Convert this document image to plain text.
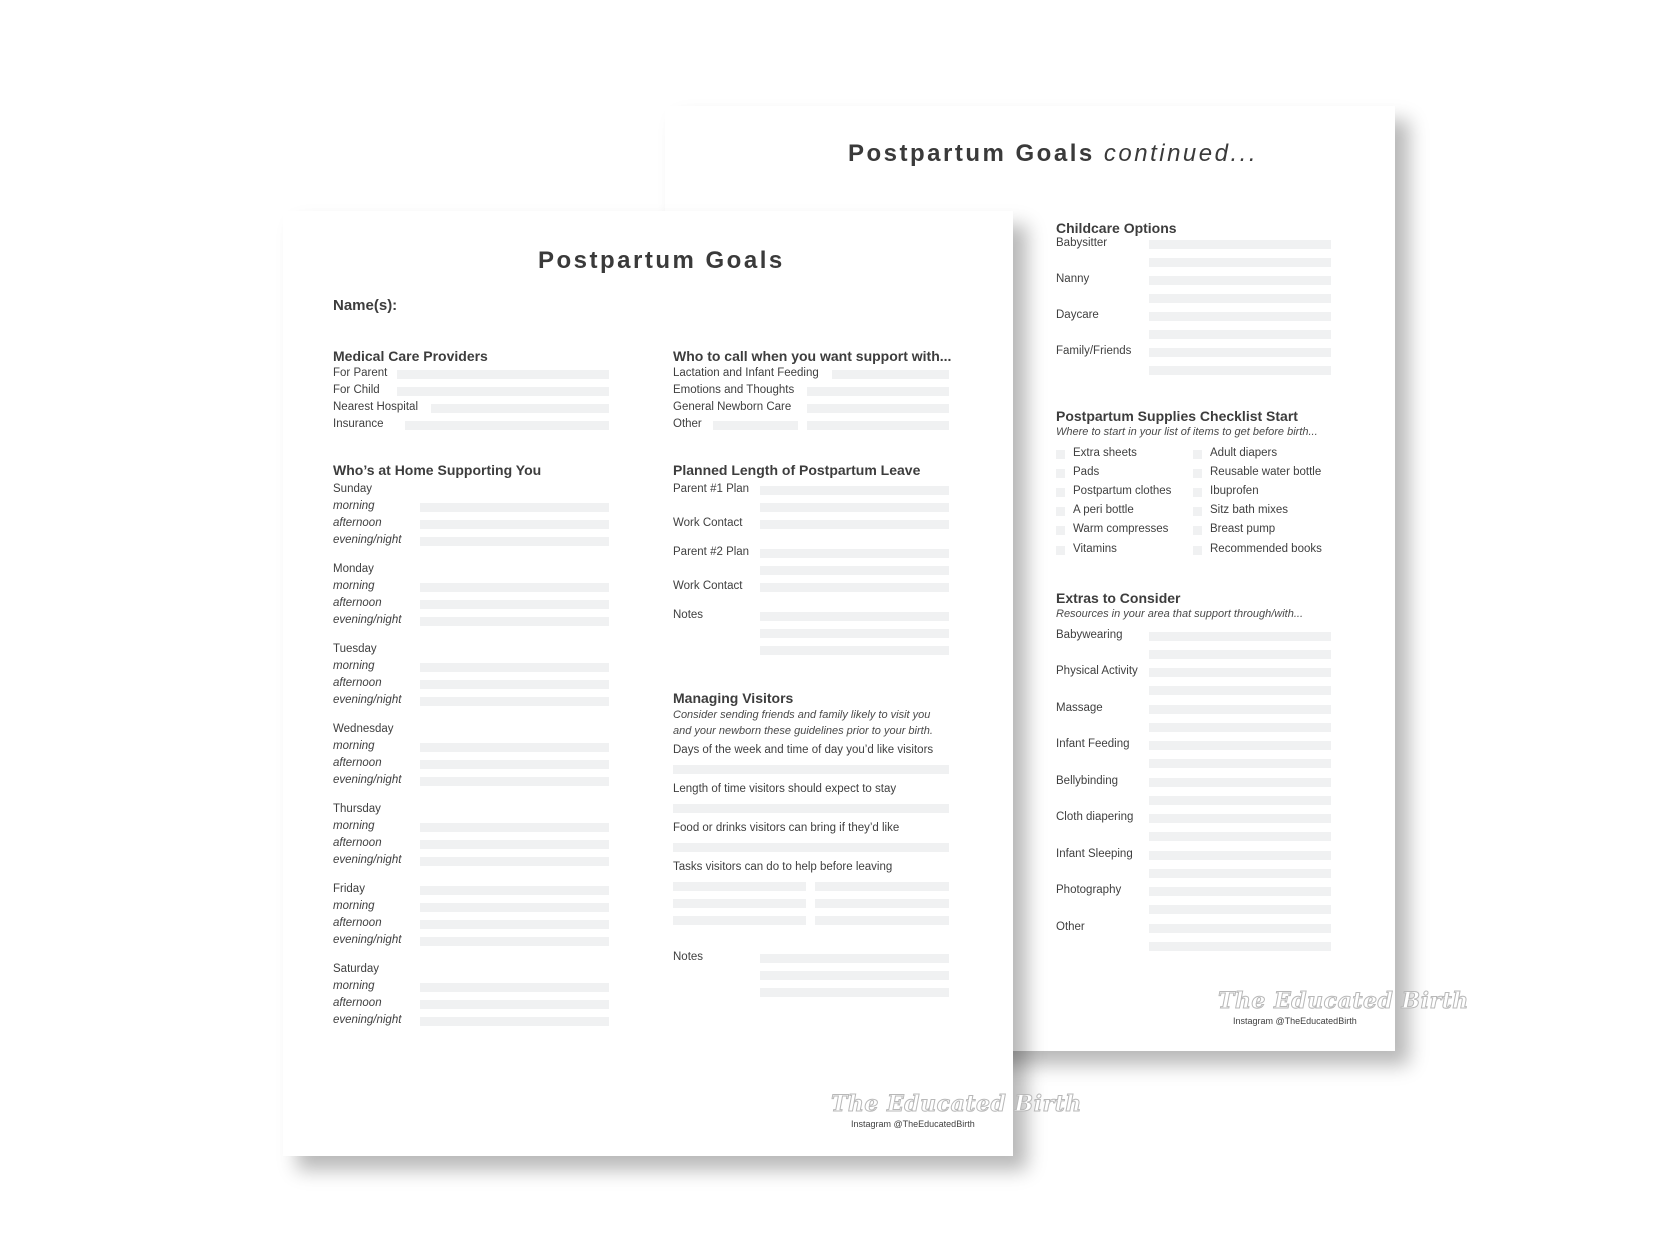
Postpartum Goals continued...
Childcare Options
Babysitter
Nanny
Daycare
Family/Friends
Postpartum Supplies Checklist Start
Where to start in your list of items to get before birth...
Extra sheets
Pads
Postpartum clothes
A peri bottle
Warm compresses
Vitamins
Adult diapers
Reusable water bottle
Ibuprofen
Sitz bath mixes
Breast pump
Recommended books
Extras to Consider
Resources in your area that support through/with...
Babywearing
Physical Activity
Massage
Infant Feeding
Bellybinding
Cloth diapering
Infant Sleeping
Photography
Other
The Educated Birth
Instagram @TheEducatedBirth
Postpartum Goals
Name(s):
Medical Care Providers
For Parent
For Child
Nearest Hospital
Insurance
Who’s at Home Supporting You
Sunday
morning
afternoon
evening/night
Monday
morning
afternoon
evening/night
Tuesday
morning
afternoon
evening/night
Wednesday
morning
afternoon
evening/night
Thursday
morning
afternoon
evening/night
Friday
morning
afternoon
evening/night
Saturday
morning
afternoon
evening/night
Who to call when you want support with...
Lactation and Infant Feeding
Emotions and Thoughts
General Newborn Care
Other
Planned Length of Postpartum Leave
Parent #1 Plan
Work Contact
Parent #2 Plan
Work Contact
Notes
Managing Visitors
Consider sending friends and family likely to visit you
and your newborn these guidelines prior to your birth.
Days of the week and time of day you’d like visitors
Length of time visitors should expect to stay
Food or drinks visitors can bring if they’d like
Tasks visitors can do to help before leaving
Notes
The Educated Birth
Instagram @TheEducatedBirth
